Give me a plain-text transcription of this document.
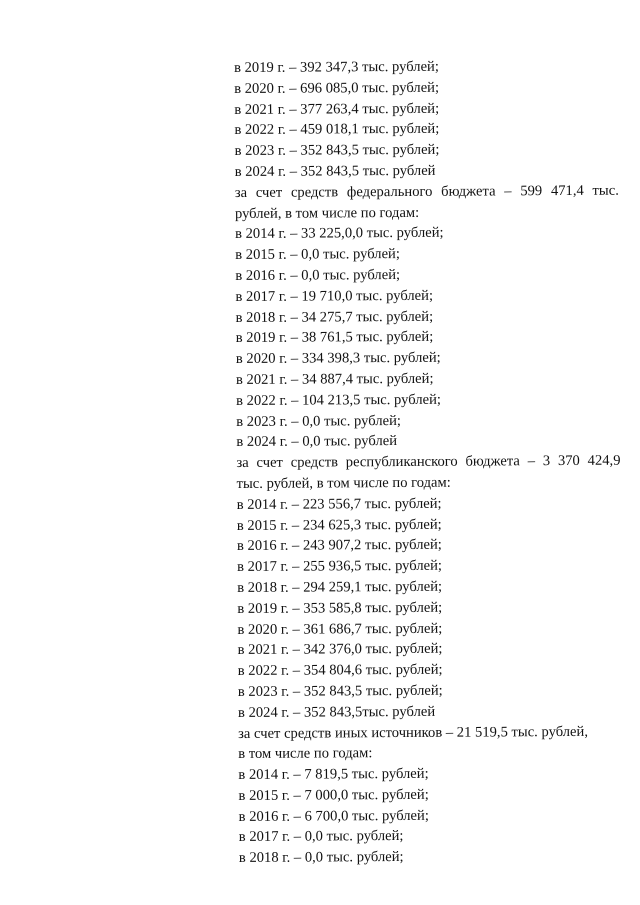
в 2019 г. – 392 347,3 тыс. рублей;
в 2020 г. – 696 085,0 тыс. рублей;
в 2021 г. – 377 263,4 тыс. рублей;
в 2022 г. – 459 018,1 тыс. рублей;
в 2023 г. – 352 843,5 тыс. рублей;
в 2024 г. – 352 843,5 тыс. рублей
за счет средств федерального бюджета – 599 471,4 тыс.
рублей, в том числе по годам:
в 2014 г. – 33 225,0,0 тыс. рублей;
в 2015 г. – 0,0 тыс. рублей;
в 2016 г. – 0,0 тыс. рублей;
в 2017 г. – 19 710,0 тыс. рублей;
в 2018 г. – 34 275,7 тыс. рублей;
в 2019 г. – 38 761,5 тыс. рублей;
в 2020 г. – 334 398,3 тыс. рублей;
в 2021 г. – 34 887,4 тыс. рублей;
в 2022 г. – 104 213,5 тыс. рублей;
в 2023 г. – 0,0 тыс. рублей;
в 2024 г. – 0,0 тыс. рублей
за счет средств республиканского бюджета – 3 370 424,9
тыс. рублей, в том числе по годам:
в 2014 г. – 223 556,7 тыс. рублей;
в 2015 г. – 234 625,3 тыс. рублей;
в 2016 г. – 243 907,2 тыс. рублей;
в 2017 г. – 255 936,5 тыс. рублей;
в 2018 г. – 294 259,1 тыс. рублей;
в 2019 г. – 353 585,8 тыс. рублей;
в 2020 г. – 361 686,7 тыс. рублей;
в 2021 г. – 342 376,0 тыс. рублей;
в 2022 г. – 354 804,6 тыс. рублей;
в 2023 г. – 352 843,5 тыс. рублей;
в 2024 г. – 352 843,5тыс. рублей
за счет средств иных источников – 21 519,5 тыс. рублей,
в том числе по годам:
в 2014 г. – 7 819,5 тыс. рублей;
в 2015 г. – 7 000,0 тыс. рублей;
в 2016 г. – 6 700,0 тыс. рублей;
в 2017 г. – 0,0 тыс. рублей;
в 2018 г. – 0,0 тыс. рублей;
